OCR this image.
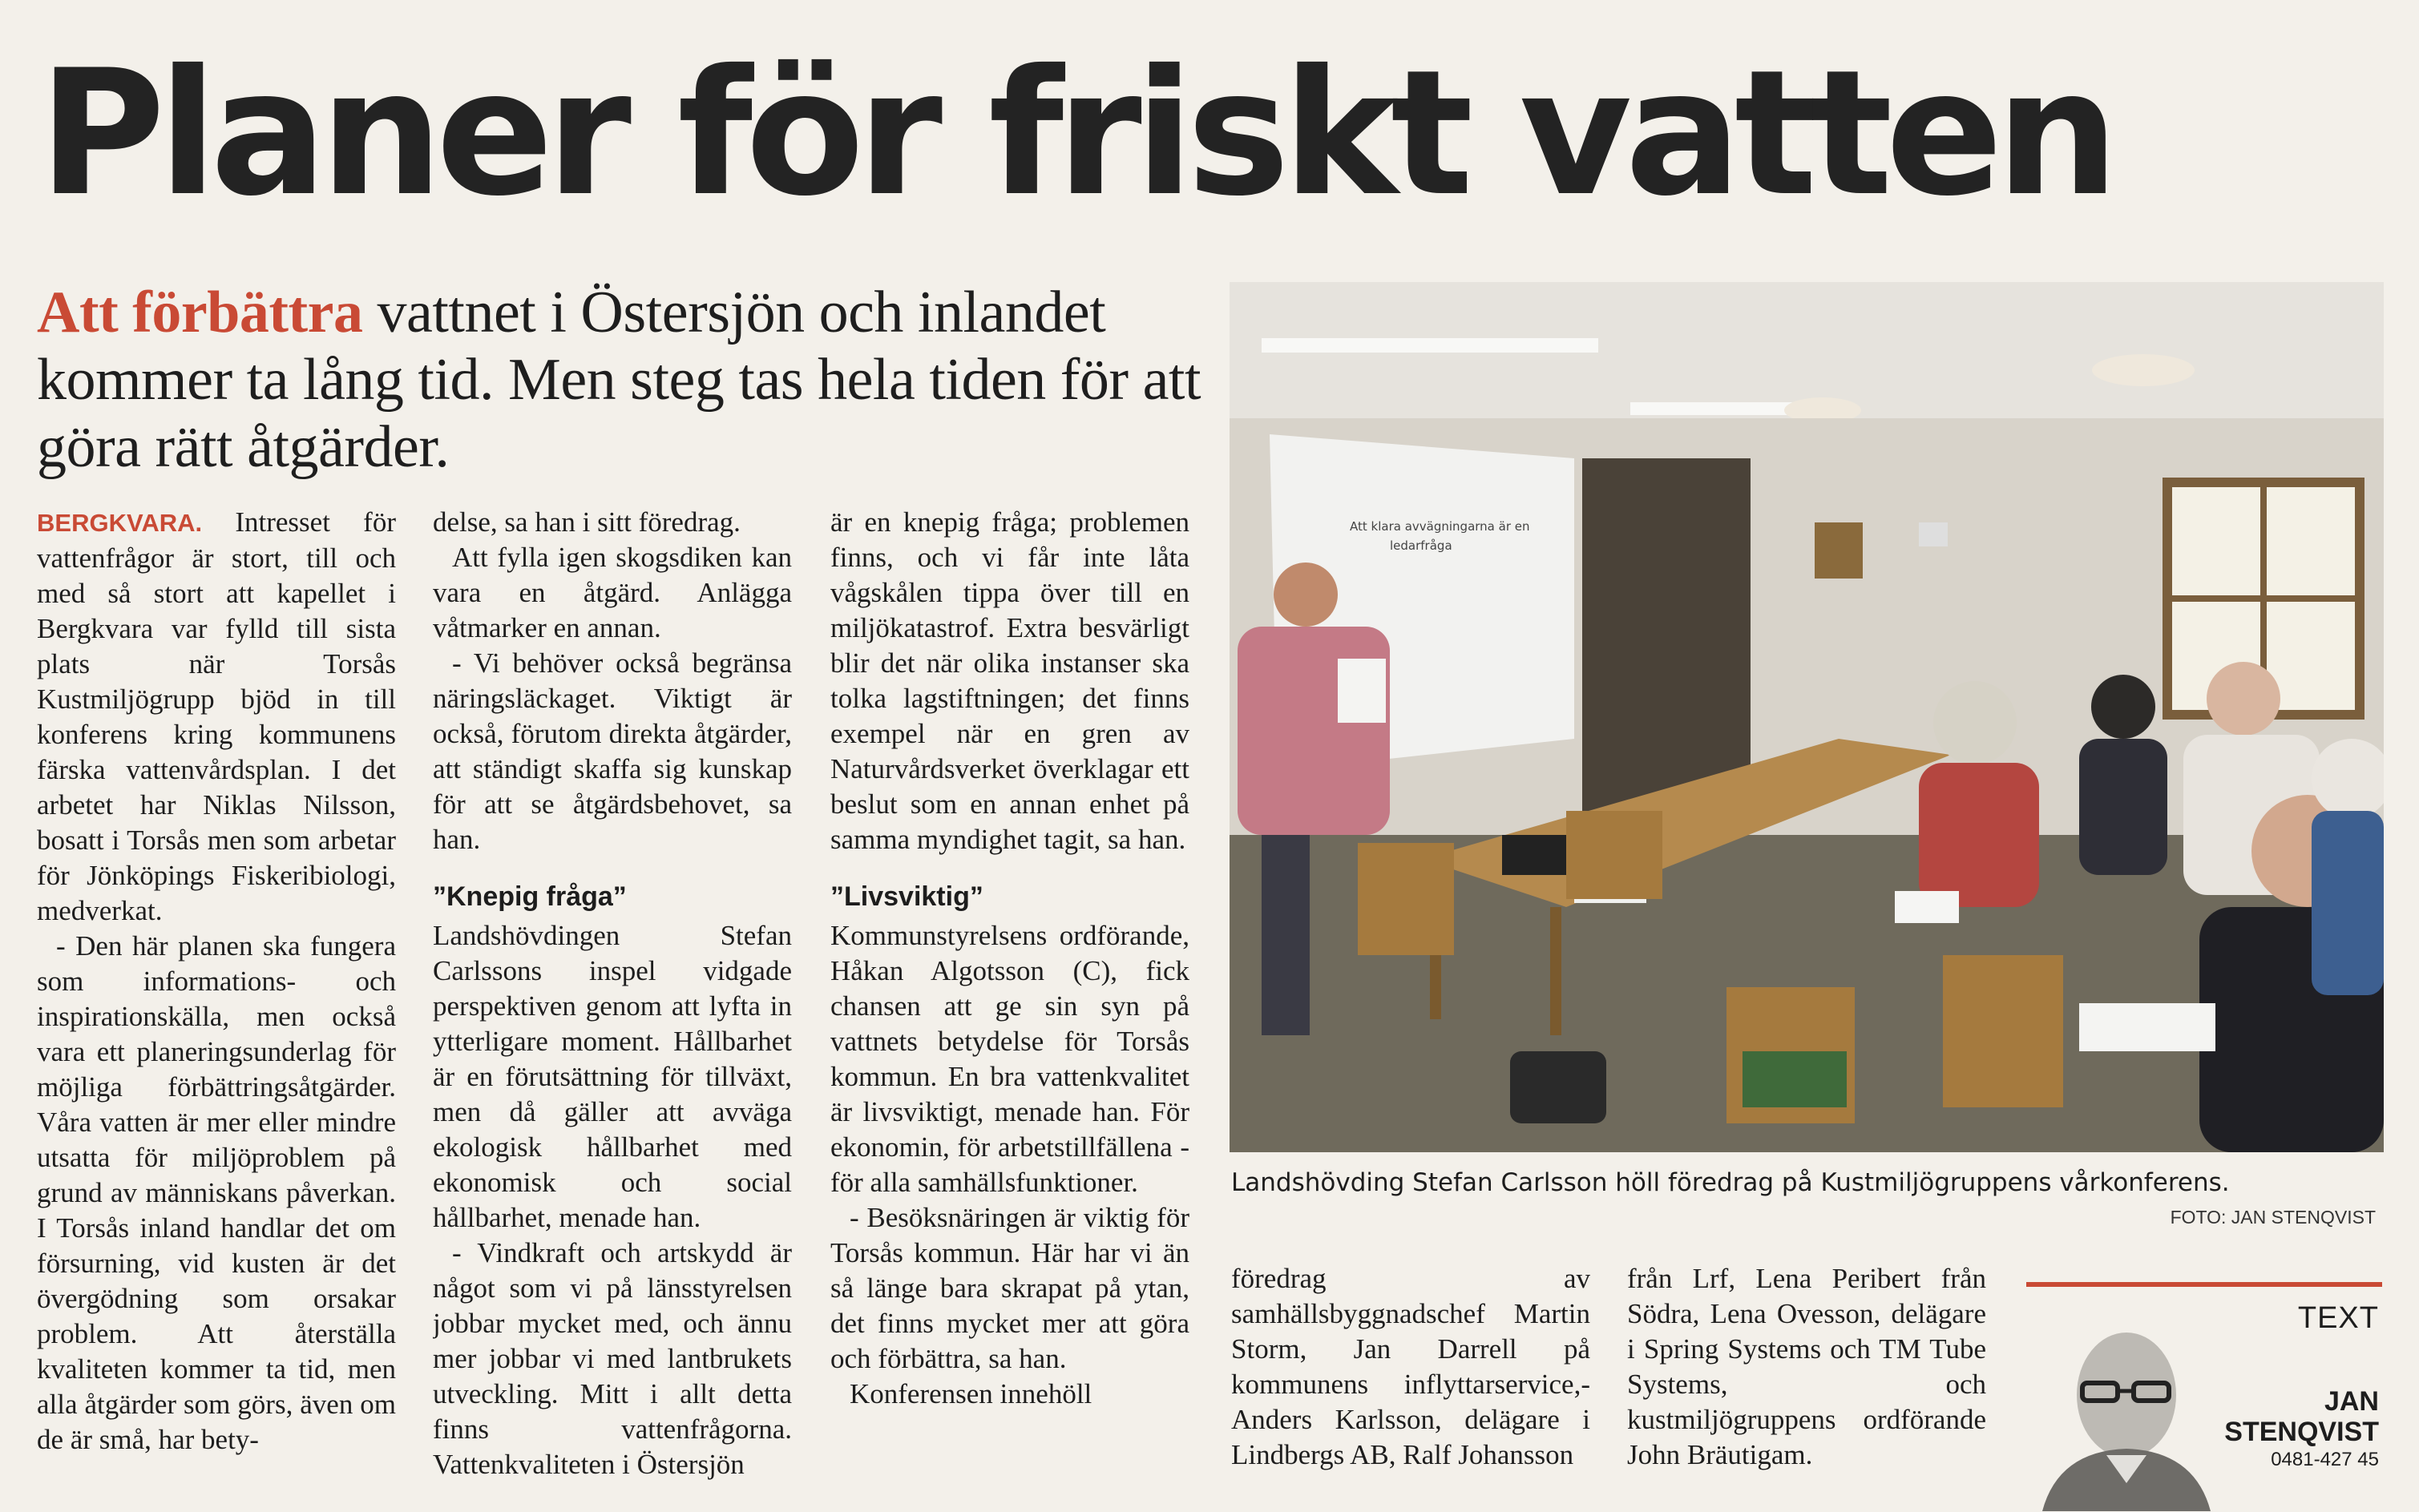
Planer för friskt vatten
Att förbättra vattnet i Östersjön och inlandet kommer ta lång tid. Men steg tas hela tiden för att göra rätt åtgärder.

BERGKVARA. Intresset för vattenfrågor är stort, till och med så stort att kapellet i Bergkvara var fylld till sista plats när Torsås Kustmiljögrupp bjöd in till konferens kring kommunens färska vattenvårdsplan. I det arbetet har Niklas Nilsson, bosatt i Torsås men som arbetar för Jönköpings Fiskeribiologi, medverkat.

- Den här planen ska fungera som informations- och inspirationskälla, men också vara ett planeringsunderlag för möjliga förbättringsåtgärder. Våra vatten är mer eller mindre utsatta för miljöproblem på grund av människans påverkan. I Torsås inland handlar det om försurning, vid kusten är det övergödning som orsakar problem. Att återställa kvaliteten kommer ta tid, men alla åtgärder som görs, även om de är små, har bety-

delse, sa han i sitt föredrag.

Att fylla igen skogsdiken kan vara en åtgärd. Anlägga våtmarker en annan.

- Vi behöver också begränsa näringsläckaget. Viktigt är också, förutom direkta åtgärder, att ständigt skaffa sig kunskap för att se åtgärdsbehovet, sa han.

”Knepig fråga”

Landshövdingen Stefan Carlssons inspel vidgade perspektiven genom att lyfta in ytterligare moment. Hållbarhet är en förutsättning för tillväxt, men då gäller att avväga ekologisk hållbarhet med ekonomisk och social hållbarhet, menade han.

- Vindkraft och artskydd är något som vi på länsstyrelsen jobbar mycket med, och ännu mer jobbar vi med lantbrukets utveckling. Mitt i allt detta finns vattenfrågorna. Vattenkvaliteten i Östersjön

är en knepig fråga; problemen finns, och vi får inte låta vågskålen tippa över till en miljökatastrof. Extra besvärligt blir det när olika instanser ska tolka lagstiftningen; det finns exempel när en gren av Naturvårdsverket överklagar ett beslut som en annan enhet på samma myndighet tagit, sa han.

”Livsviktig”

Kommunstyrelsens ordförande, Håkan Algotsson (C), fick chansen att ge sin syn på vattnets betydelse för Torsås kommun. En bra vattenkvalitet är livsviktigt, menade han. För ekonomin, för arbetstillfällena - för alla samhällsfunktioner.

- Besöksnäringen är viktig för Torsås kommun. Här har vi än så länge bara skrapat på ytan, det finns mycket mer att göra och förbättra, sa han.

Konferensen innehöll

Att klara avvägningarna är en
ledarfråga
Landshövding Stefan Carlsson höll föredrag på Kustmiljögruppens vårkonferens.
FOTO: JAN STENQVIST
föredrag av samhällsbyggnadschef Martin Storm, Jan Darrell på kommunens inflyttarservice,- Anders Karlsson, delägare i Lindbergs AB, Ralf Johansson
från Lrf, Lena Peribert från Södra, Lena Ovesson, delägare i Spring Systems och TM Tube Systems, och kustmiljögruppens ordförande John Bräutigam.
TEXT
JAN
STENQVIST
0481-427 45
